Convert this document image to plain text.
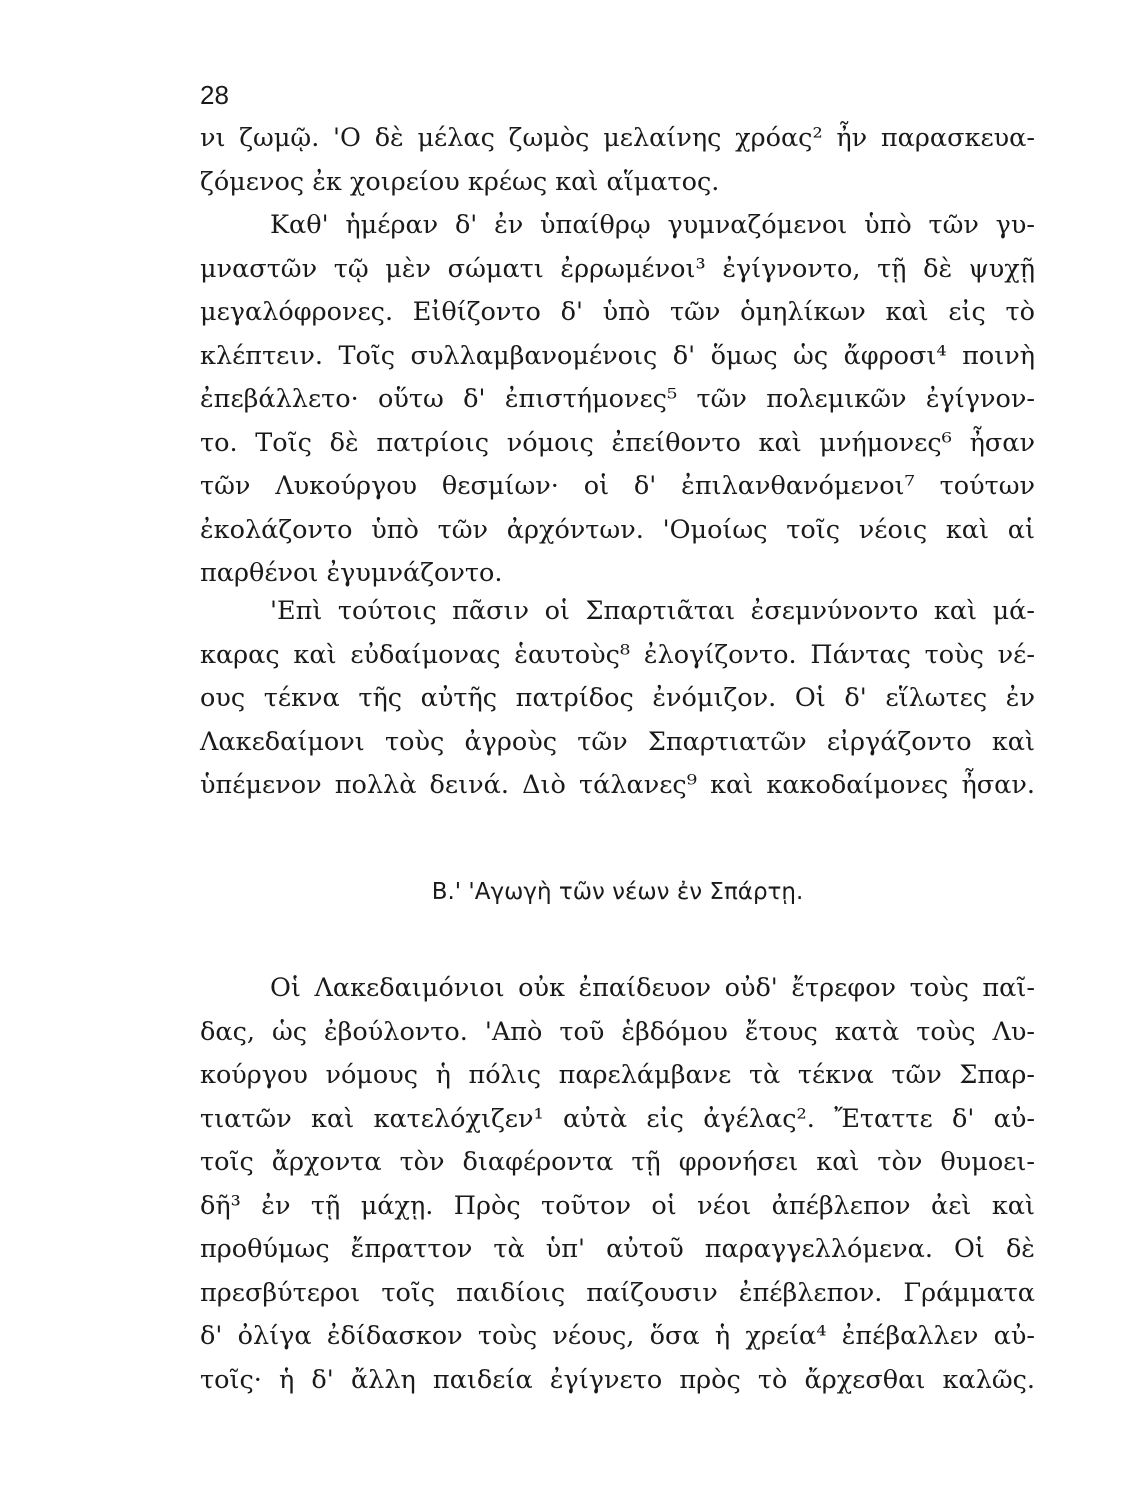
28

νι ζωμῷ. 'Ο δὲ μέλας ζωμὸς μελαίνης χρόας² ἦν παρασκευα-
ζόμενος ἐκ χοιρείου κρέως καὶ αἵματος.
Καθ' ἡμέραν δ' ἐν ὑπαίθρῳ γυμναζόμενοι ὑπὸ τῶν γυ-
μναστῶν τῷ μὲν σώματι ἐρρωμένοι³ ἐγίγνοντο, τῇ δὲ ψυχῇ
μεγαλόφρονες. Εἰθίζοντο δ' ὑπὸ τῶν ὁμηλίκων καὶ εἰς τὸ
κλέπτειν. Τοῖς συλλαμβανομένοις δ' ὅμως ὡς ἄφροσι⁴ ποινὴ
ἐπεβάλλετο· οὕτω δ' ἐπιστήμονες⁵ τῶν πολεμικῶν ἐγίγνον-
το. Τοῖς δὲ πατρίοις νόμοις ἐπείθοντο καὶ μνήμονες⁶ ἦσαν
τῶν Λυκούργου θεσμίων· οἱ δ' ἐπιλανθανόμενοι⁷ τούτων
ἐκολάζοντο ὑπὸ τῶν ἀρχόντων. 'Ομοίως τοῖς νέοις καὶ αἱ
παρθένοι ἐγυμνάζοντο.
'Επὶ τούτοις πᾶσιν οἱ Σπαρτιᾶται ἐσεμνύνοντο καὶ μά-
καρας καὶ εὐδαίμονας ἑαυτοὺς⁸ ἐλογίζοντο. Πάντας τοὺς νέ-
ους τέκνα τῆς αὐτῆς πατρίδος ἐνόμιζον. Οἱ δ' εἵλωτες ἐν
Λακεδαίμονι τοὺς ἀγροὺς τῶν Σπαρτιατῶν εἰργάζοντο καὶ
ὑπέμενον πολλὰ δεινά. Διὸ τάλανες⁹ καὶ κακοδαίμονες ἦσαν.

Β.' 'Αγωγὴ τῶν νέων ἐν Σπάρτῃ.

Οἱ Λακεδαιμόνιοι οὐκ ἐπαίδευον οὐδ' ἔτρεφον τοὺς παῖ-
δας, ὡς ἐβούλοντο. 'Απὸ τοῦ ἑβδόμου ἔτους κατὰ τοὺς Λυ-
κούργου νόμους ἡ πόλις παρελάμβανε τὰ τέκνα τῶν Σπαρ-
τιατῶν καὶ κατελόχιζεν¹ αὐτὰ εἰς ἀγέλας². Ἔταττε δ' αὐ-
τοῖς ἄρχοντα τὸν διαφέροντα τῇ φρονήσει καὶ τὸν θυμοει-
δῆ³ ἐν τῇ μάχῃ. Πρὸς τοῦτον οἱ νέοι ἀπέβλεπον ἀεὶ καὶ
προθύμως ἔπραττον τὰ ὑπ' αὐτοῦ παραγγελλόμενα. Οἱ δὲ
πρεσβύτεροι τοῖς παιδίοις παίζουσιν ἐπέβλεπον. Γράμματα
δ' ὀλίγα ἐδίδασκον τοὺς νέους, ὅσα ἡ χρεία⁴ ἐπέβαλλεν αὐ-
τοῖς· ἡ δ' ἄλλη παιδεία ἐγίγνετο πρὸς τὸ ἄρχεσθαι καλῶς.
